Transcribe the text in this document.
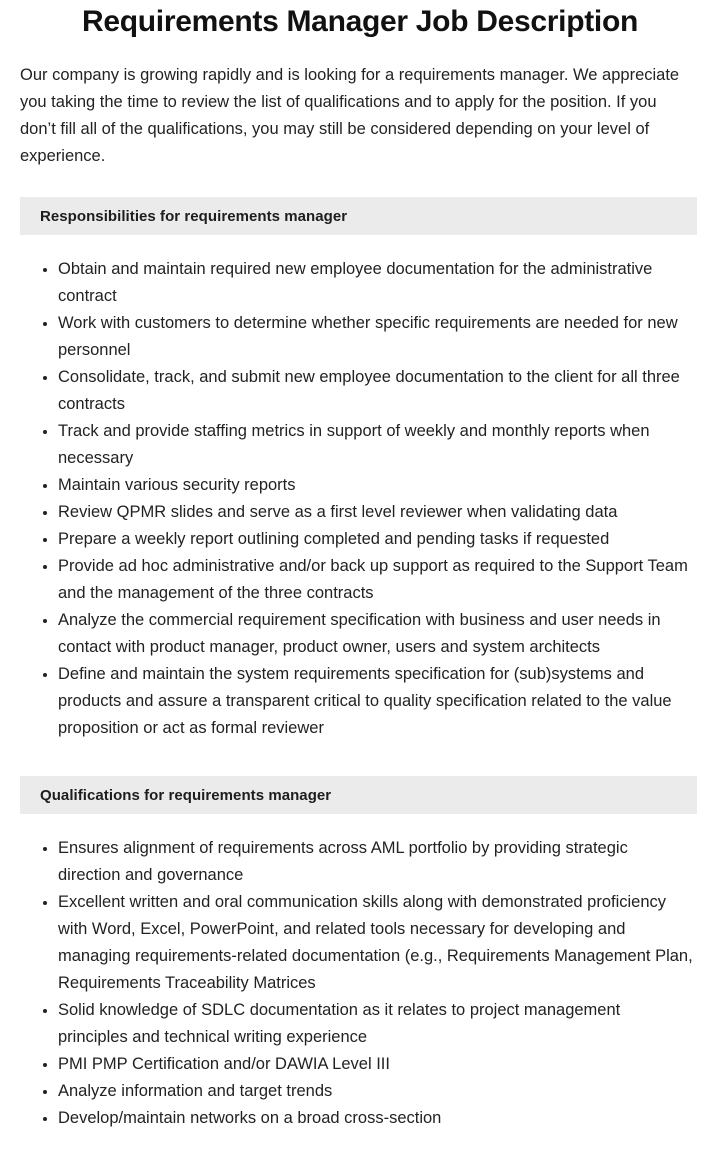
Requirements Manager Job Description

Our company is growing rapidly and is looking for a requirements manager. We appreciate you taking the time to review the list of qualifications and to apply for the position. If you don’t fill all of the qualifications, you may still be considered depending on your level of experience.

Responsibilities for requirements manager
Obtain and maintain required new employee documentation for the administrative contract
Work with customers to determine whether specific requirements are needed for new personnel
Consolidate, track, and submit new employee documentation to the client for all three contracts
Track and provide staffing metrics in support of weekly and monthly reports when necessary
Maintain various security reports
Review QPMR slides and serve as a first level reviewer when validating data
Prepare a weekly report outlining completed and pending tasks if requested
Provide ad hoc administrative and/or back up support as required to the Support Team and the management of the three contracts
Analyze the commercial requirement specification with business and user needs in contact with product manager, product owner, users and system architects
Define and maintain the system requirements specification for (sub)systems and products and assure a transparent critical to quality specification related to the value proposition or act as formal reviewer
Qualifications for requirements manager
Ensures alignment of requirements across AML portfolio by providing strategic direction and governance
Excellent written and oral communication skills along with demonstrated proficiency with Word, Excel, PowerPoint, and related tools necessary for developing and managing requirements-related documentation (e.g., Requirements Management Plan, Requirements Traceability Matrices
Solid knowledge of SDLC documentation as it relates to project management principles and technical writing experience
PMI PMP Certification and/or DAWIA Level III
Analyze information and target trends
Develop/maintain networks on a broad cross-section
